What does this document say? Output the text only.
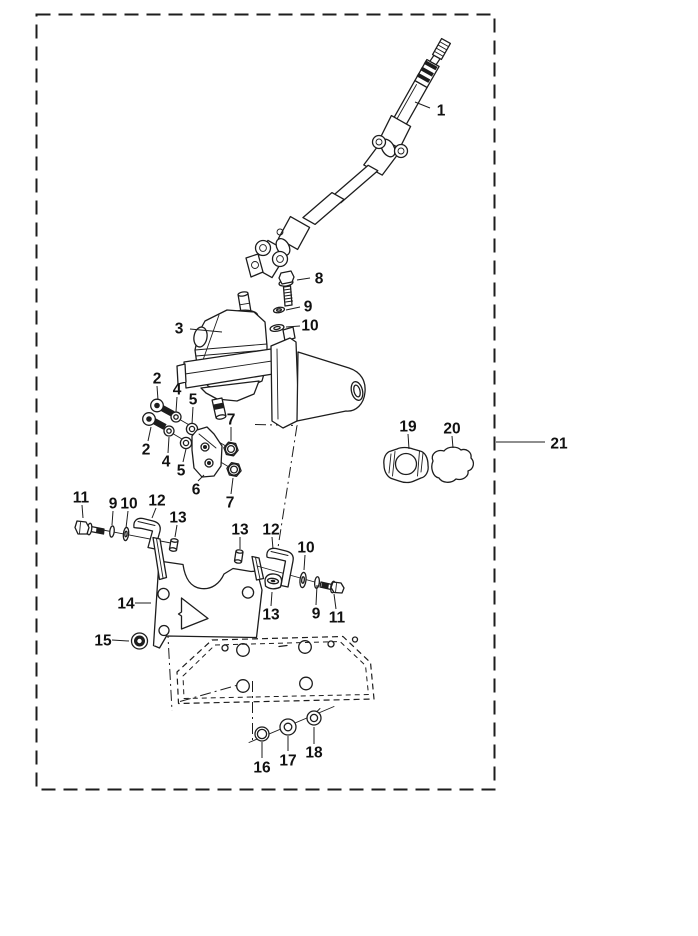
1
2
2
3
4
4
5
5
6
7
7
8
9
10
11 9 10 12
13
13 12
10
13 9 11
14
15
16 17 18
19 20
21
